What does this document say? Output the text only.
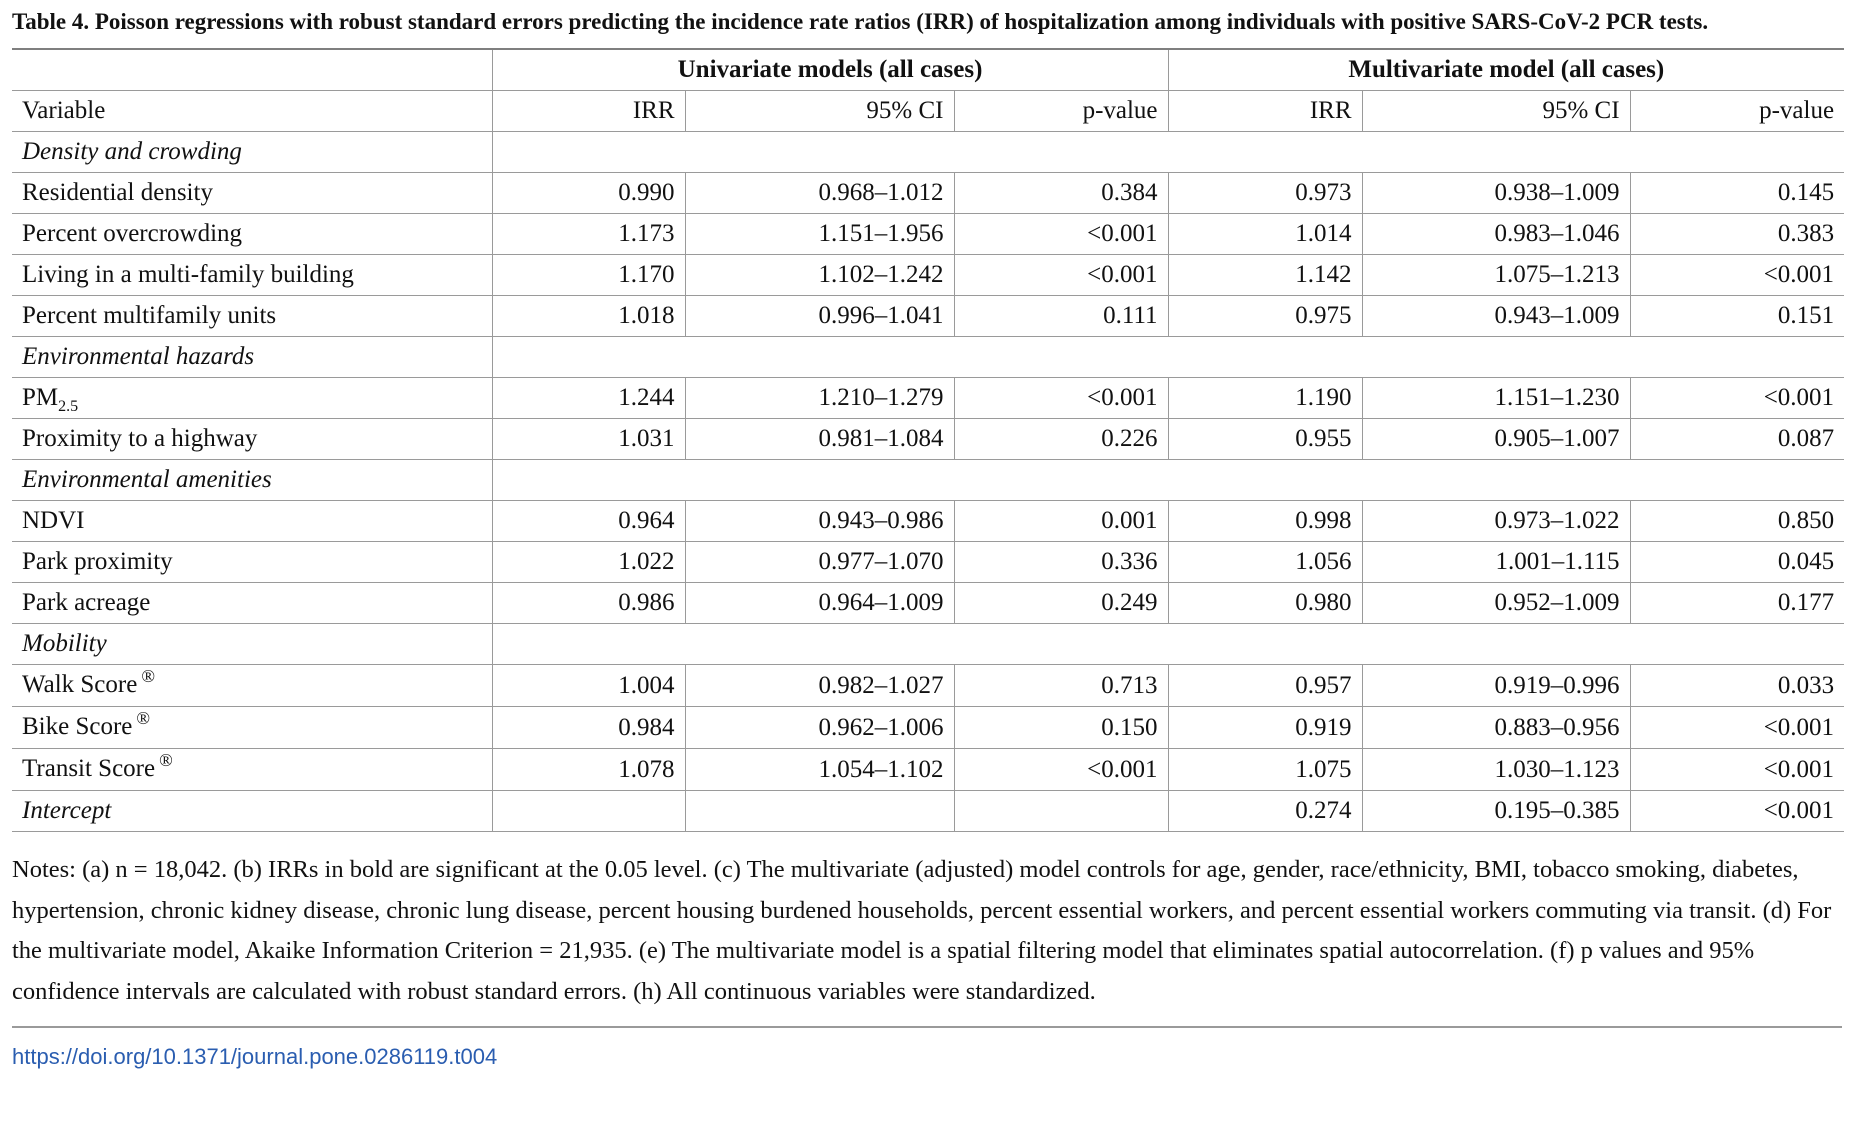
Table 4. Poisson regressions with robust standard errors predicting the incidence rate ratios (IRR) of hospitalization among individuals with positive SARS-CoV-2 PCR tests.
	Univariate models (all cases)			Multivariate model (all cases)		
Variable	IRR	95% CI	p-value	IRR	95% CI	p-value
Density and crowding						
Residential density	0.990	0.968–1.012	0.384	0.973	0.938–1.009	0.145
Percent overcrowding	1.173	1.151–1.956	<0.001	1.014	0.983–1.046	0.383
Living in a multi-family building	1.170	1.102–1.242	<0.001	1.142	1.075–1.213	<0.001
Percent multifamily units	1.018	0.996–1.041	0.111	0.975	0.943–1.009	0.151
Environmental hazards						
$PM_{2.5}$	1.244	1.210–1.279	<0.001	1.190	1.151–1.230	<0.001
Proximity to a highway	1.031	0.981–1.084	0.226	0.955	0.905–1.007	0.087
Environmental amenities						
NDVI	0.964	0.943–0.986	0.001	0.998	0.973–1.022	0.850
Park proximity	1.022	0.977–1.070	0.336	1.056	1.001–1.115	0.045
Park acreage	0.986	0.964–1.009	0.249	0.980	0.952–1.009	0.177
Mobility						
Walk Score ®	1.004	0.982–1.027	0.713	0.957	0.919–0.996	0.033
Bike Score ®	0.984	0.962–1.006	0.150	0.919	0.883–0.956	<0.001
Transit Score ®	1.078	1.054–1.102	<0.001	1.075	1.030–1.123	<0.001
Intercept				0.274	0.195–0.385	<0.001
Notes: (a) n = 18,042. (b) IRRs in bold are significant at the 0.05 level. (c) The multivariate (adjusted) model controls for age, gender, race/ethnicity, BMI, tobacco smoking, diabetes, hypertension, chronic kidney disease, chronic lung disease, percent housing burdened households, percent essential workers, and percent essential workers commuting via transit. (d) For the multivariate model, Akaike Information Criterion = 21,935. (e) The multivariate model is a spatial filtering model that eliminates spatial autocorrelation. (f) p values and 95% confidence intervals are calculated with robust standard errors. (h) All continuous variables were standardized.
https://doi.org/10.1371/journal.pone.0286119.t004
